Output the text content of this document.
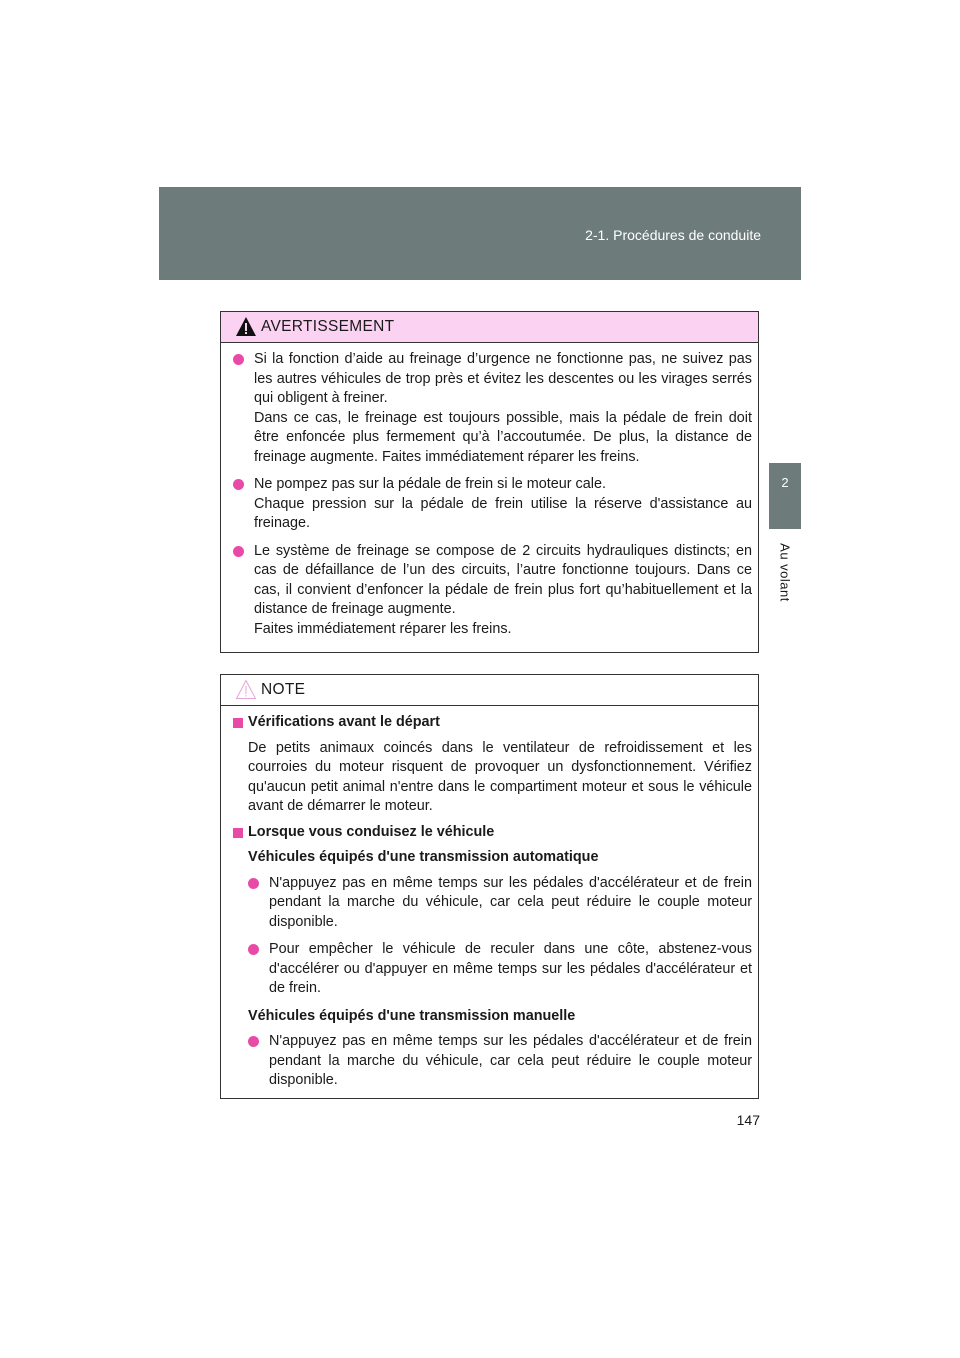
2-1. Procédures de conduite
2
Au volant
AVERTISSEMENT
Si la fonction d’aide au freinage d’urgence ne fonctionne pas, ne suivez pas les autres véhicules de trop près et évitez les descentes ou les virages serrés qui obligent à freiner.
Dans ce cas, le freinage est toujours possible, mais la pédale de frein doit être enfoncée plus fermement qu’à l’accoutumée. De plus, la distance de freinage augmente. Faites immédiatement réparer les freins.
Ne pompez pas sur la pédale de frein si le moteur cale.
Chaque pression sur la pédale de frein utilise la réserve d'assistance au freinage.
Le système de freinage se compose de 2 circuits hydrauliques distincts; en cas de défaillance de l’un des circuits, l’autre fonctionne toujours. Dans ce cas, il convient d’enfoncer la pédale de frein plus fort qu’habituellement et la distance de freinage augmente.
Faites immédiatement réparer les freins.
NOTE
Vérifications avant le départ
De petits animaux coincés dans le ventilateur de refroidissement et les courroies du moteur risquent de provoquer un dysfonctionnement. Vérifiez qu'aucun petit animal n'entre dans le compartiment moteur et sous le véhicule avant de démarrer le moteur.
Lorsque vous conduisez le véhicule
Véhicules équipés d'une transmission automatique
N'appuyez pas en même temps sur les pédales d'accélérateur et de frein pendant la marche du véhicule, car cela peut réduire le couple moteur disponible.
Pour empêcher le véhicule de reculer dans une côte, abstenez-vous d'accélérer ou d'appuyer en même temps sur les pédales d'accélérateur et de frein.
Véhicules équipés d'une transmission manuelle
N'appuyez pas en même temps sur les pédales d'accélérateur et de frein pendant la marche du véhicule, car cela peut réduire le couple moteur disponible.
147
